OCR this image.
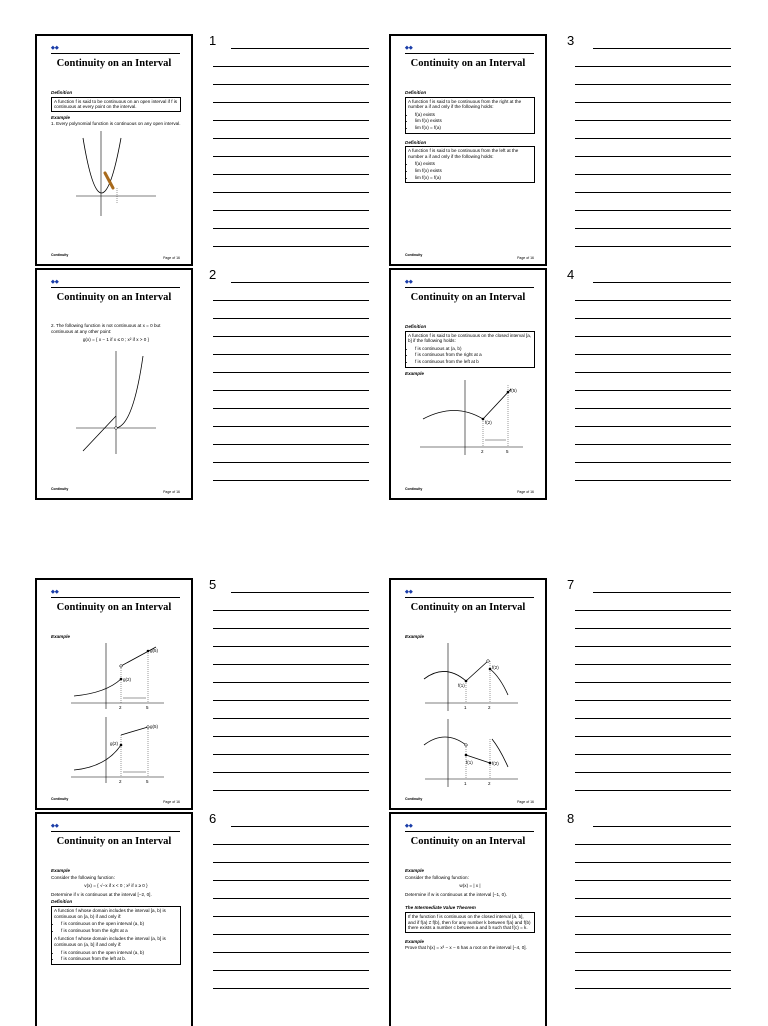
◆◆

Continuity on an Interval
Definition
A function f is said to be continuous on an open interval if f is continuous at every point on the interval.
Example
1. Every polynomial function is continuous on any open interval.
Continuity
Page of 16
◆◆
Continuity on an Interval
2. The following function is not continuous at x = 0 but continuous at any other point:
g(x) = { x − 1 if x ≤ 0 ; x² if x > 0 }
Continuity
Page of 16
◆◆
Continuity on an Interval
Definition
A function f is said to be continuous from the right at the number a if and only if the following holds:
• f(a) exists
• lim f(x) exists
• lim f(x) = f(a)
Definition
A function f is said to be continuous from the left at the number a if and only if the following holds:
• f(a) exists
• lim f(x) exists
• lim f(x) = f(a)
Continuity
Page of 16
◆◆
Continuity on an Interval
Definition
A function f is said to be continuous on the closed interval [a, b] if the following holds:
• f is continuous at (a, b)
• f is continuous from the right at a
• f is continuous from the left at b
Example
f(2)
f(5)
2	5
Continuity
Page of 16
◆◆
Continuity on an Interval
Example
g(2)
g(5)
2	5
g(2)
g(5)
2	5
Continuity
Page of 16
◆◆
Continuity on an Interval
Example
Consider the following function:
v(x) = { √−x if x < 0 ; x² if x ≥ 0 }
Determine if v is continuous at the interval [−2, 0].
Definition
A function f whose domain includes the interval [a, b) is continuous on [a, b) if and only if:
• f is continuous on the open interval (a, b)
• f is continuous from the right at a
A function f whose domain includes the interval (a, b] is continuous on (a, b] if and only if:
• f is continuous on the open interval (a, b)
• f is continuous from the left at b.
◆◆
Continuity on an Interval
Example
f(1)
f(2)
1	2
f(1)	f(2)
1	2
Continuity
Page of 16
◆◆
Continuity on an Interval
Example
Consider the following function:
w(x) = | x |
Determine if w is continuous at the interval [−1, 0).
The Intermediate Value Theorem
If the function f is continuous on the closed interval [a, b], and if f(a) ≠ f(b), then for any number k between f(a) and f(b) there exists a number c between a and b such that f(c) = k.
Example
Prove that h(x) = x³ − x − 6 has a root on the interval [−4, 0].
1
2
3
4
5
6
7
8
